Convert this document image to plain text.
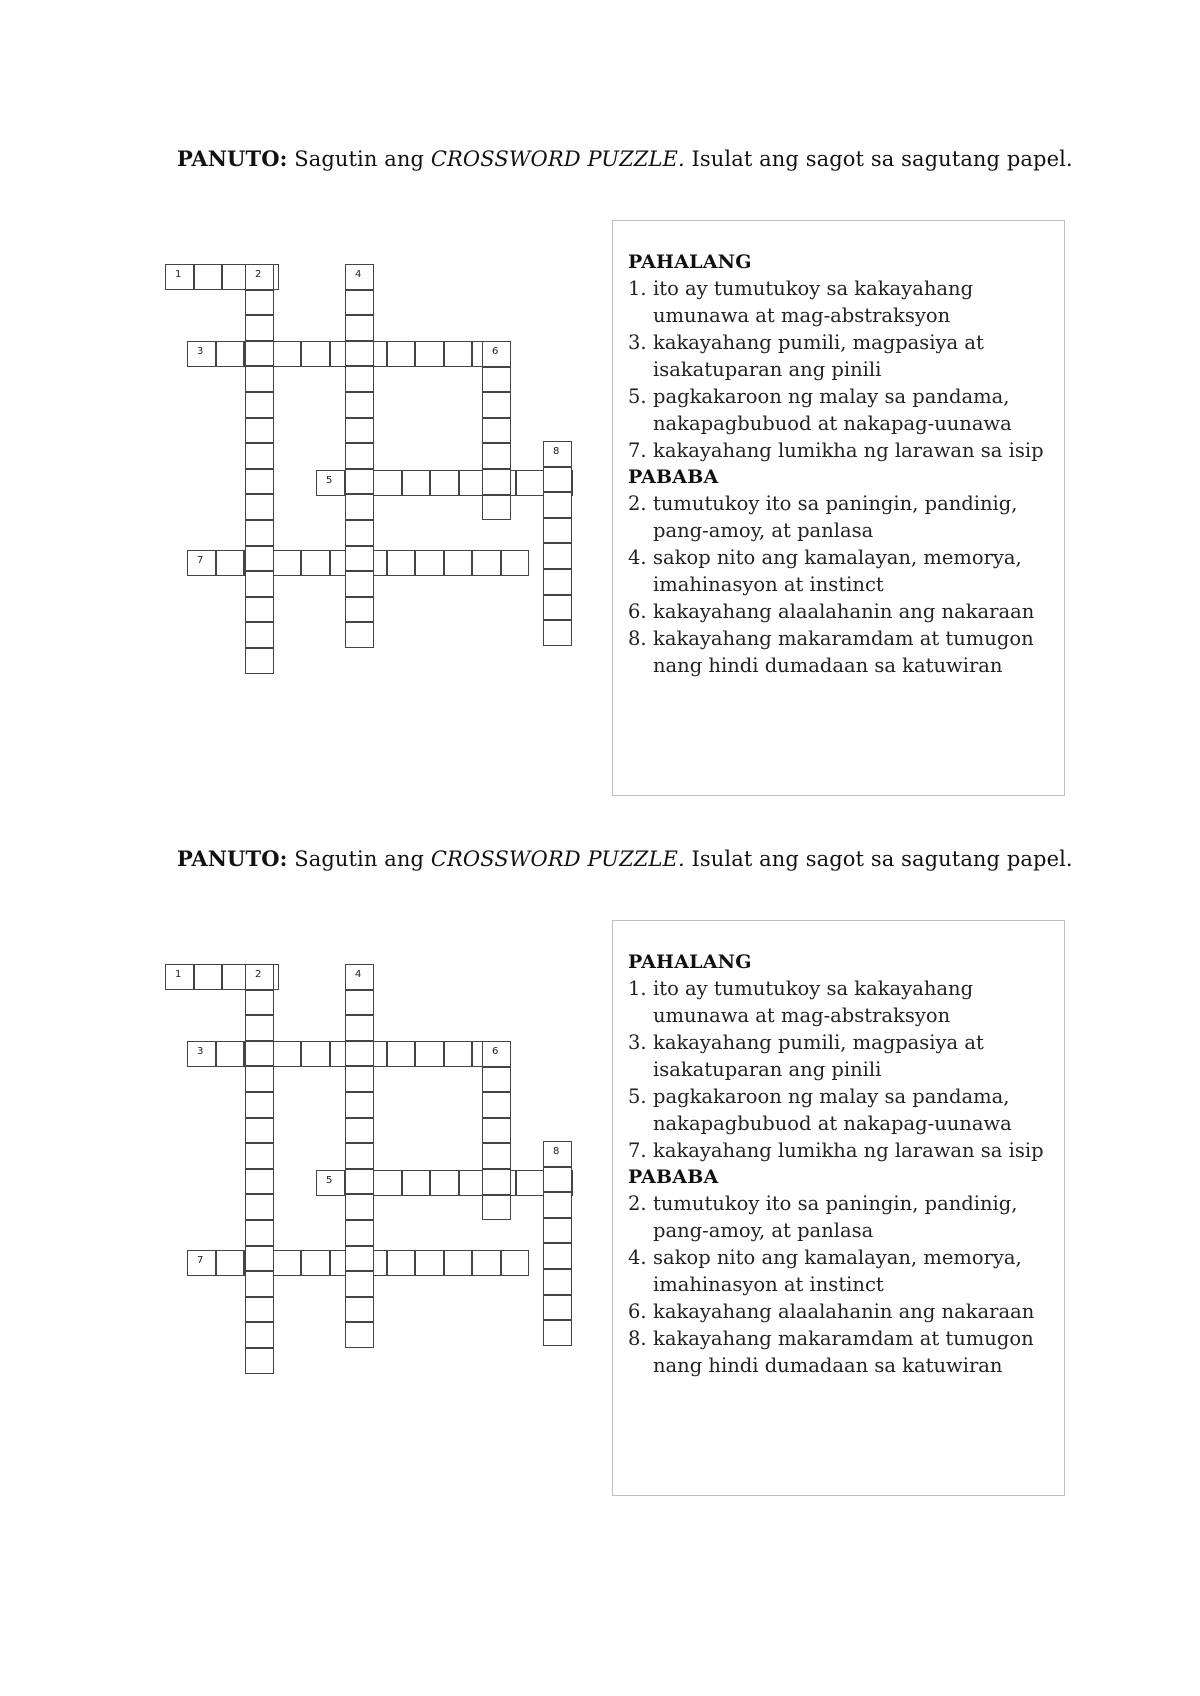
PANUTO: Sagutin ang CROSSWORD PUZZLE. Isulat ang sagot sa sagutang papel.
1
3
5
7
2	4
6
8
PAHALANG
1. ito ay tumutukoy sa kakayahang umunawa at mag-abstraksyon
3. kakayahang pumili, magpasiya at isakatuparan ang pinili
5. pagkakaroon ng malay sa pandama, nakapagbubuod at nakapag-uunawa
7. kakayahang lumikha ng larawan sa isip
PABABA
2. tumutukoy ito sa paningin, pandinig, pang-amoy, at panlasa
4. sakop nito ang kamalayan, memorya, imahinasyon at instinct
6. kakayahang alaalahanin ang nakaraan
8. kakayahang makaramdam at tumugon nang hindi dumadaan sa katuwiran
PANUTO: Sagutin ang CROSSWORD PUZZLE. Isulat ang sagot sa sagutang papel.
1
3
5
7
2	4
6
8
PAHALANG
1. ito ay tumutukoy sa kakayahang umunawa at mag-abstraksyon
3. kakayahang pumili, magpasiya at isakatuparan ang pinili
5. pagkakaroon ng malay sa pandama, nakapagbubuod at nakapag-uunawa
7. kakayahang lumikha ng larawan sa isip
PABABA
2. tumutukoy ito sa paningin, pandinig, pang-amoy, at panlasa
4. sakop nito ang kamalayan, memorya, imahinasyon at instinct
6. kakayahang alaalahanin ang nakaraan
8. kakayahang makaramdam at tumugon nang hindi dumadaan sa katuwiran
